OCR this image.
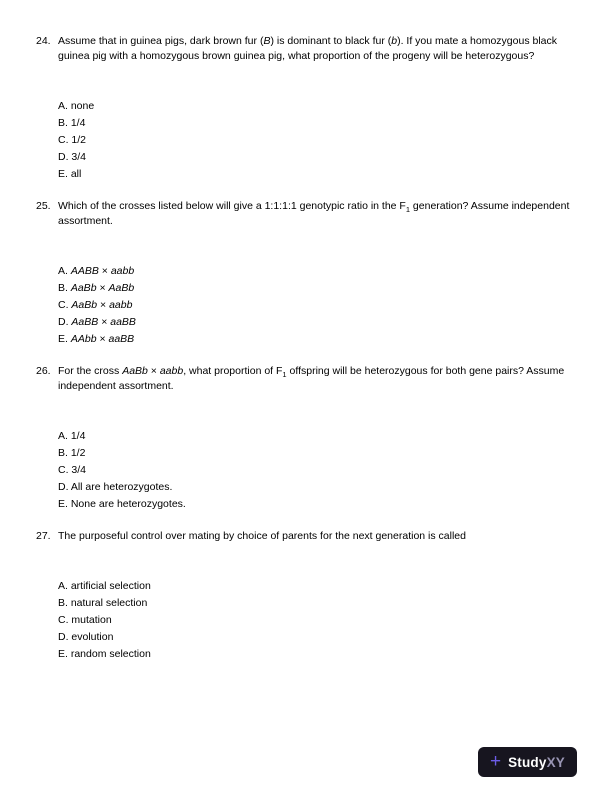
24. Assume that in guinea pigs, dark brown fur (B) is dominant to black fur (b). If you mate a homozygous black guinea pig with a homozygous brown guinea pig, what proportion of the progeny will be heterozygous?
A. none
B. 1/4
C. 1/2
D. 3/4
E. all
25. Which of the crosses listed below will give a 1:1:1:1 genotypic ratio in the $F_1$ generation? Assume independent assortment.
A. AABB × aabb
B. AaBb × AaBb
C. AaBb × aabb
D. AaBB × aaBB
E. AAbb × aaBB
26. For the cross AaBb × aabb, what proportion of $F_1$ offspring will be heterozygous for both gene pairs? Assume independent assortment.
A. 1/4
B. 1/2
C. 3/4
D. All are heterozygotes.
E. None are heterozygotes.
27. The purposeful control over mating by choice of parents for the next generation is called
A. artificial selection
B. natural selection
C. mutation
D. evolution
E. random selection
+ StudyXY
